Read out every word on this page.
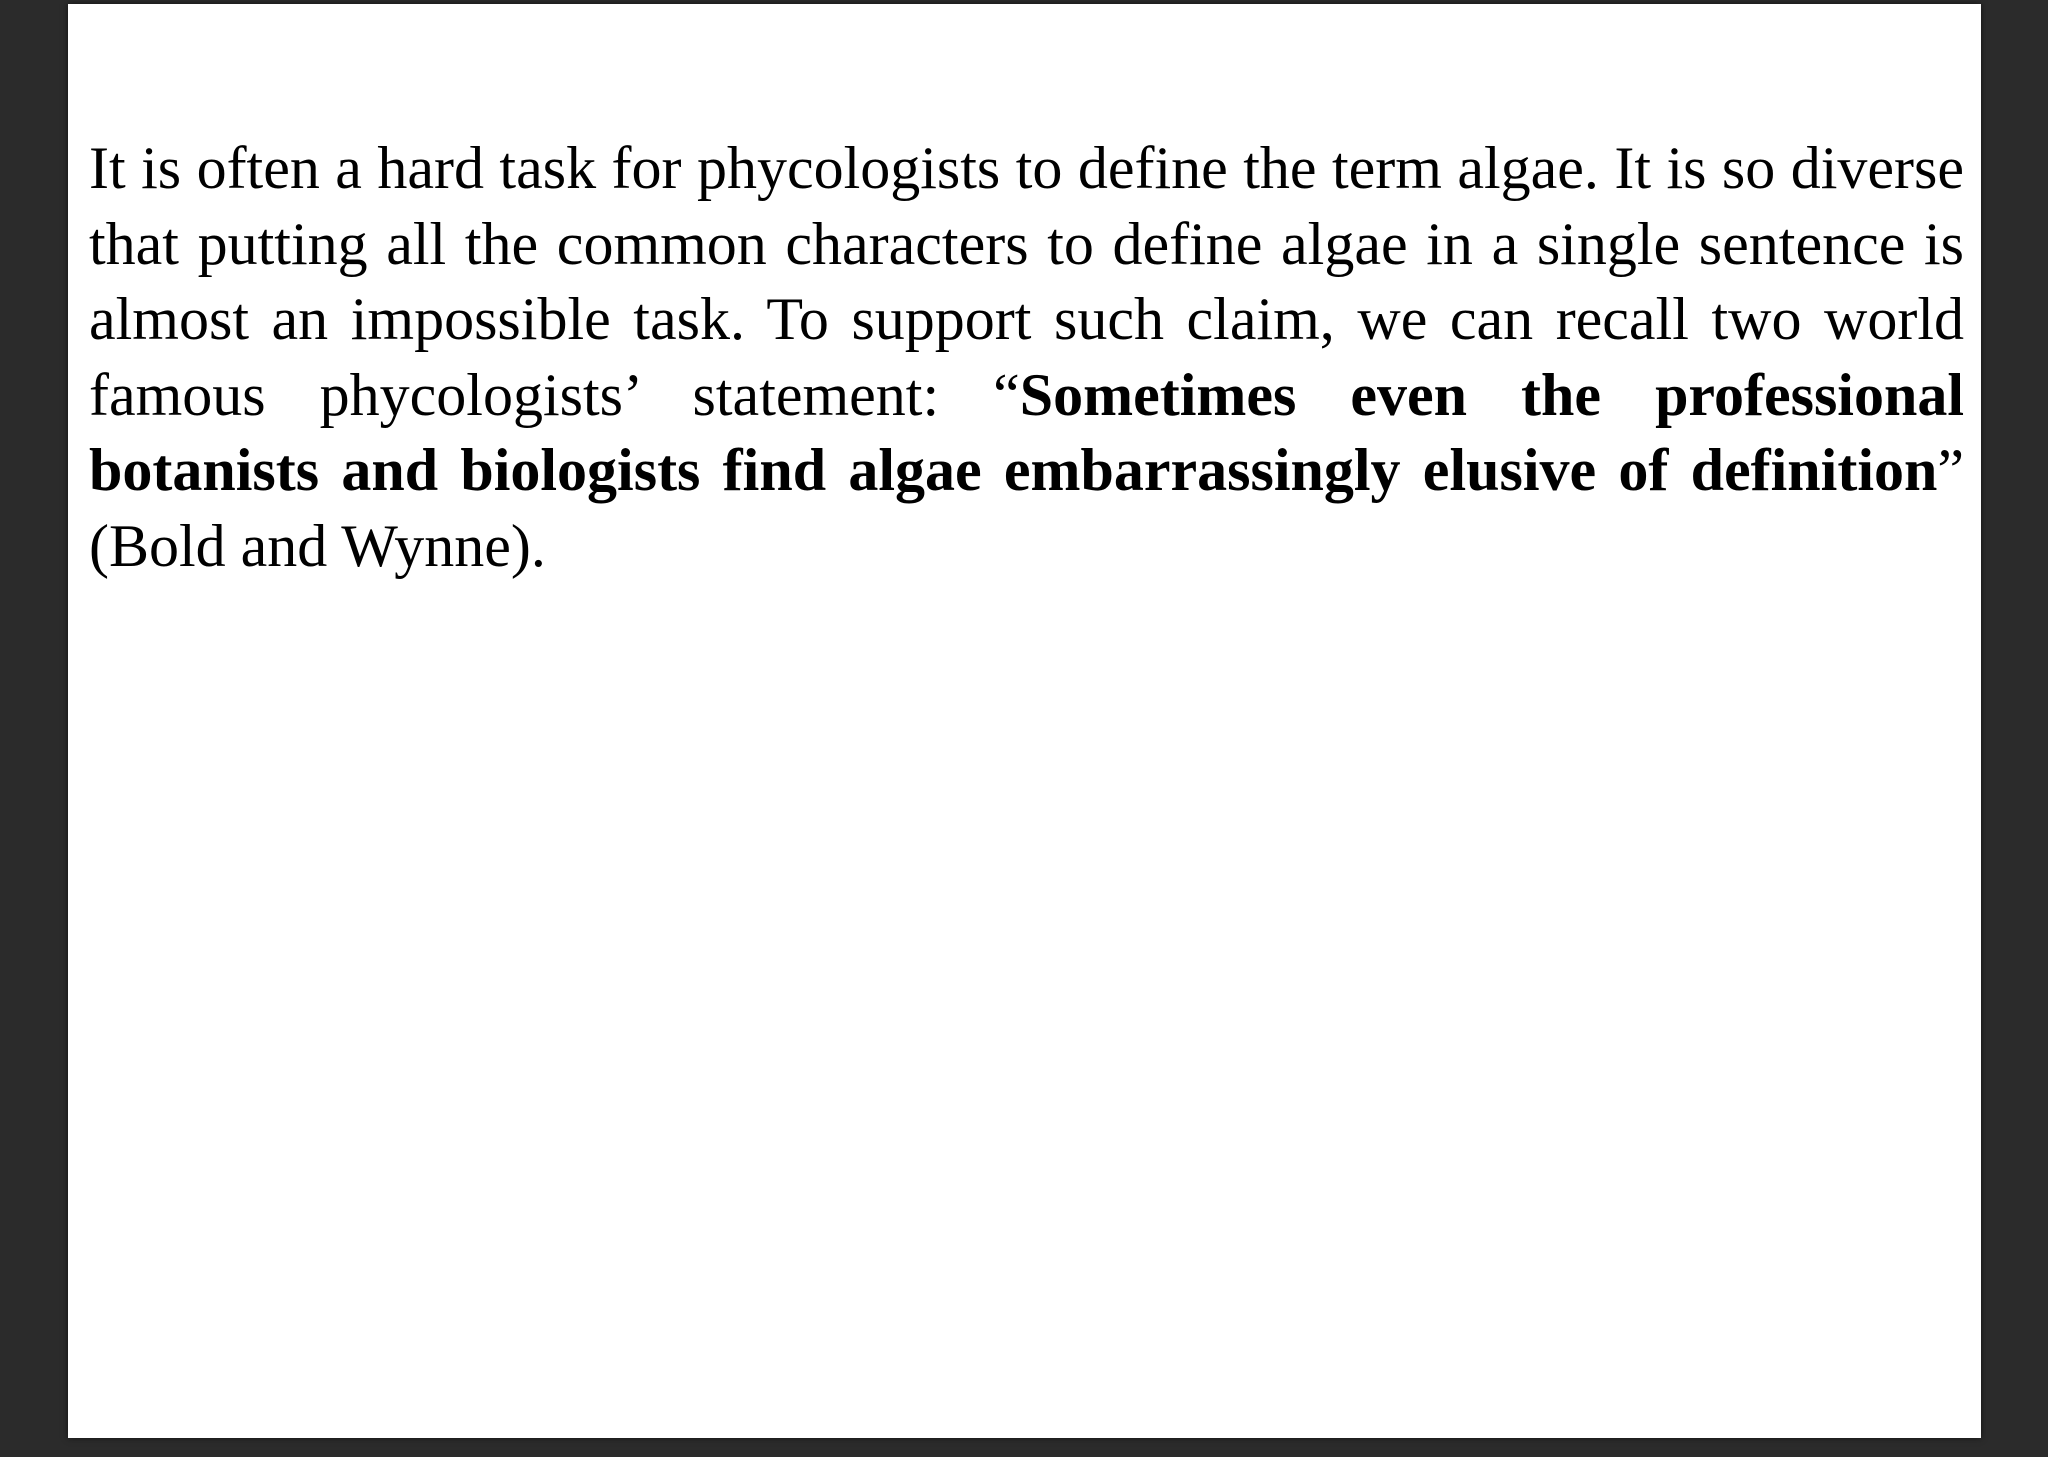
It is often a hard task for phycologists to define the term algae. It is so diverse that putting all the common characters to define algae in a single sentence is almost an impossible task. To support such claim, we can recall two world famous phycologists’ statement: “Sometimes even the professional botanists and biologists find algae embarrassingly elusive of definition” (Bold and Wynne).
